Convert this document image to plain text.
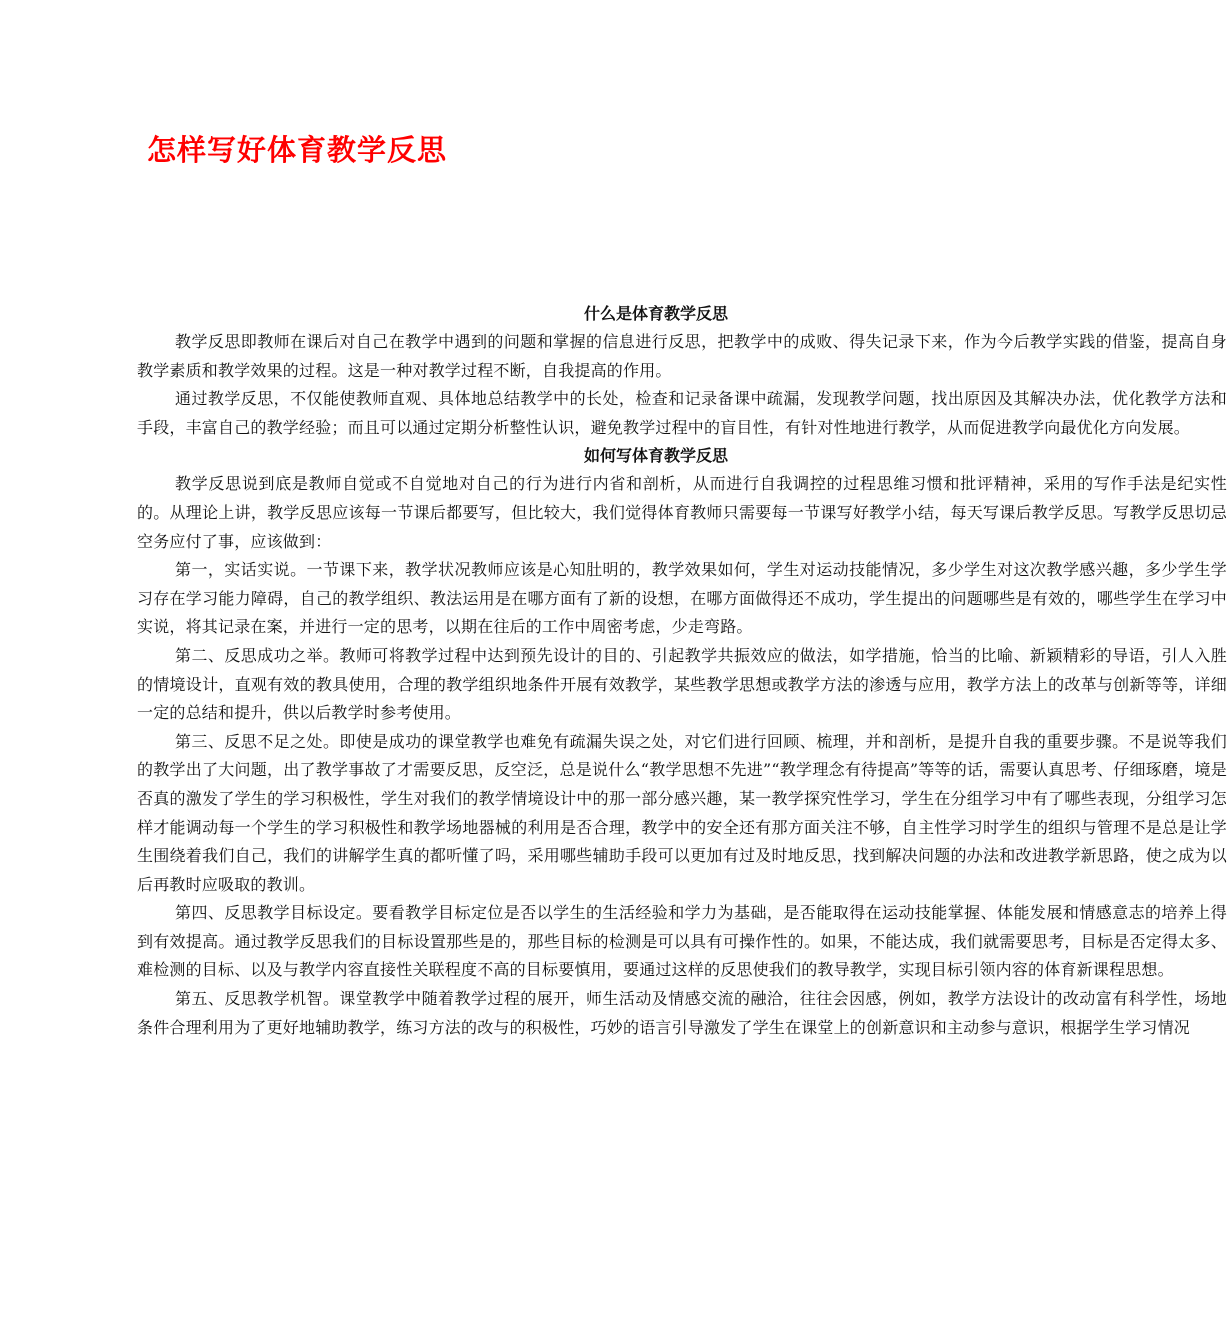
怎样写好体育教学反思
什么是体育教学反思

教学反思即教师在课后对自己在教学中遇到的问题和掌握的信息进行反思，把教学中的成败、得失记录下来，作为今后教学实践的借鉴，提高自身教学素质和教学效果的过程。这是一种对教学过程不断，自我提高的作用。

通过教学反思，不仅能使教师直观、具体地总结教学中的长处，检查和记录备课中疏漏，发现教学问题，找出原因及其解决办法，优化教学方法和手段，丰富自己的教学经验；而且可以通过定期分析整性认识，避免教学过程中的盲目性，有针对性地进行教学，从而促进教学向最优化方向发展。

如何写体育教学反思

教学反思说到底是教师自觉或不自觉地对自己的行为进行内省和剖析，从而进行自我调控的过程思维习惯和批评精神，采用的写作手法是纪实性的。从理论上讲，教学反思应该每一节课后都要写，但比较大，我们觉得体育教师只需要每一节课写好教学小结，每天写课后教学反思。写教学反思切忌空务应付了事，应该做到：

第一，实话实说。一节课下来，教学状况教师应该是心知肚明的，教学效果如何，学生对运动技能情况，多少学生对这次教学感兴趣，多少学生学习存在学习能力障碍，自己的教学组织、教法运用是在哪方面有了新的设想，在哪方面做得还不成功，学生提出的问题哪些是有效的，哪些学生在学习中实说，将其记录在案，并进行一定的思考，以期在往后的工作中周密考虑，少走弯路。

第二、反思成功之举。教师可将教学过程中达到预先设计的目的、引起教学共振效应的做法，如学措施，恰当的比喻、新颖精彩的导语，引人入胜的情境设计，直观有效的教具使用，合理的教学组织地条件开展有效教学，某些教学思想或教学方法的渗透与应用，教学方法上的改革与创新等等，详细一定的总结和提升，供以后教学时参考使用。

第三、反思不足之处。即使是成功的课堂教学也难免有疏漏失误之处，对它们进行回顾、梳理，并和剖析，是提升自我的重要步骤。不是说等我们的教学出了大问题，出了教学事故了才需要反思，反空泛，总是说什么“教学思想不先进”“教学理念有待提高”等等的话，需要认真思考、仔细琢磨，境是否真的激发了学生的学习积极性，学生对我们的教学情境设计中的那一部分感兴趣，某一教学探究性学习，学生在分组学习中有了哪些表现，分组学习怎样才能调动每一个学生的学习积极性和教学场地器械的利用是否合理，教学中的安全还有那方面关注不够，自主性学习时学生的组织与管理不是总是让学生围绕着我们自己，我们的讲解学生真的都听懂了吗，采用哪些辅助手段可以更加有过及时地反思，找到解决问题的办法和改进教学新思路，使之成为以后再教时应吸取的教训。

第四、反思教学目标设定。要看教学目标定位是否以学生的生活经验和学力为基础，是否能取得在运动技能掌握、体能发展和情感意志的培养上得到有效提高。通过教学反思我们的目标设置那些是的，那些目标的检测是可以具有可操作性的。如果，不能达成，我们就需要思考，目标是否定得太多、难检测的目标、以及与教学内容直接性关联程度不高的目标要慎用，要通过这样的反思使我们的教导教学，实现目标引领内容的体育新课程思想。

第五、反思教学机智。课堂教学中随着教学过程的展开，师生活动及情感交流的融洽，往往会因感，例如，教学方法设计的改动富有科学性，场地条件合理利用为了更好地辅助教学，练习方法的改与的积极性，巧妙的语言引导激发了学生在课堂上的创新意识和主动参与意识，根据学生学习情况
